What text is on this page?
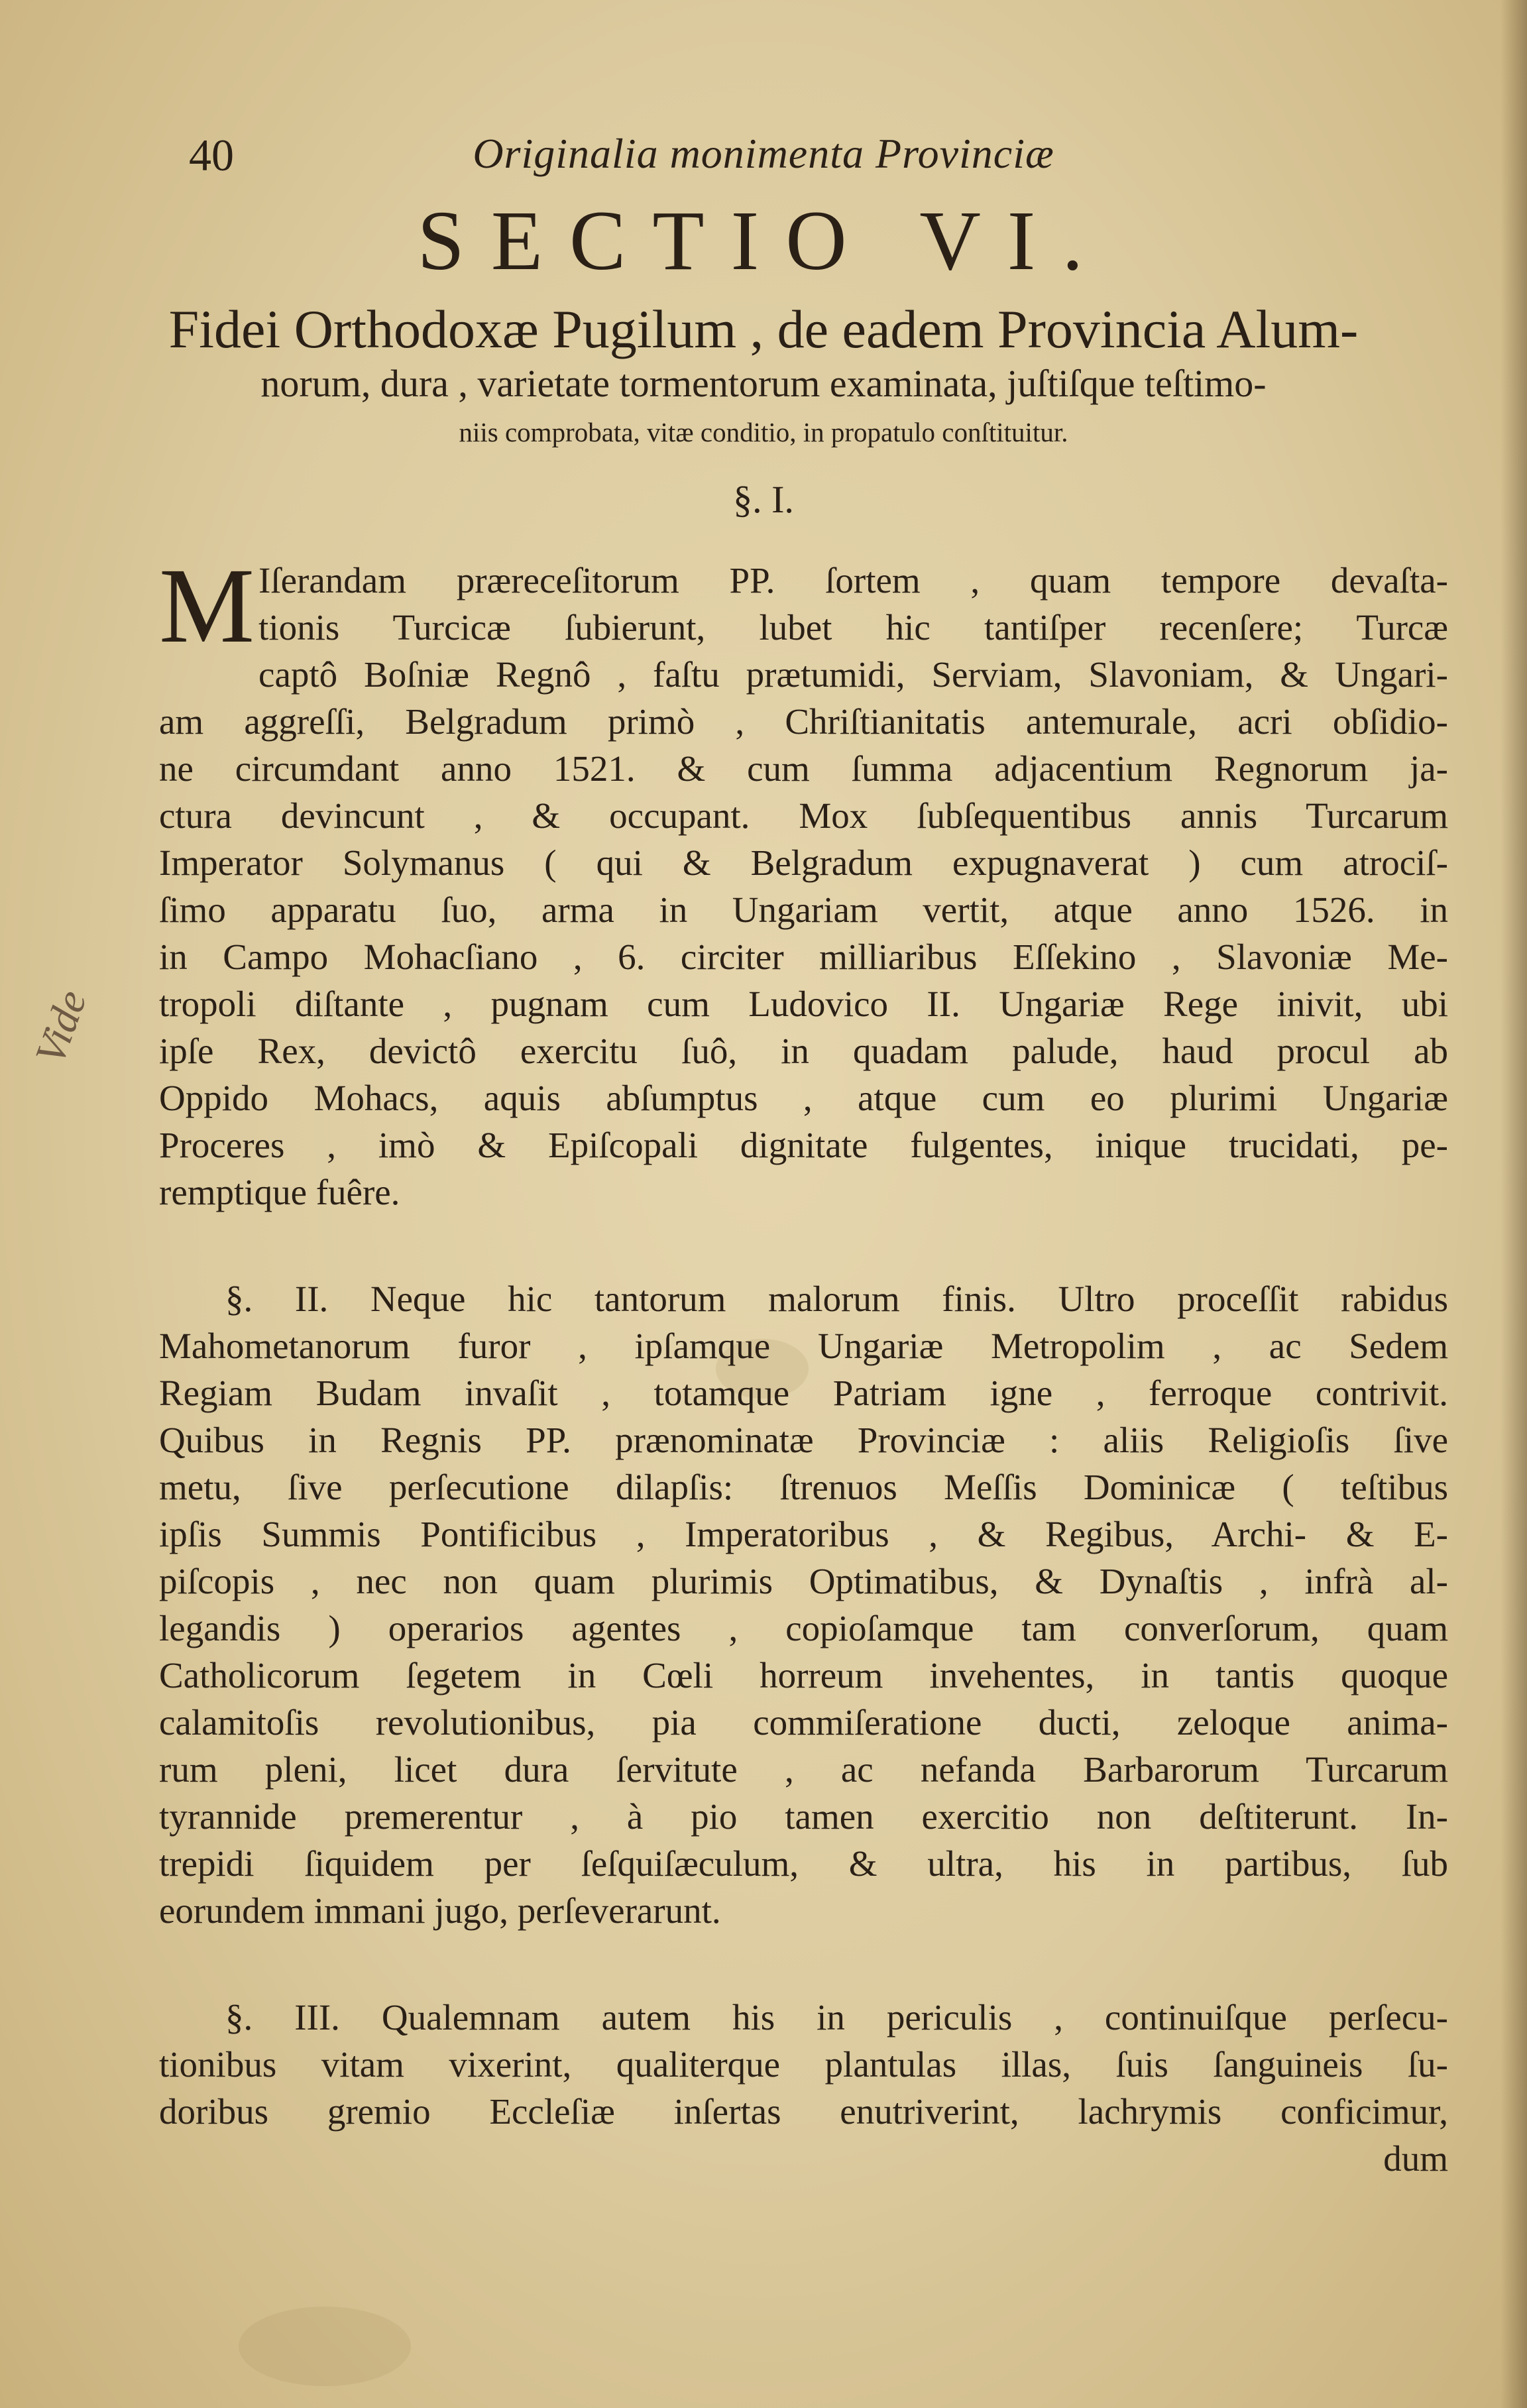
40	Originalia monimenta Provinciæ
SECTIO VI.
Fidei Orthodoxæ Pugilum , de eadem Provincia Alum-
norum, dura , varietate tormentorum examinata, juſtiſque teſtimo-
niis comprobata, vitæ conditio, in propatulo conſtituitur.
§. I.
Vide
M Iſerandam præreceſitorum PP. ſortem , quam tempore devaſta-
tionis Turcicæ ſubierunt, lubet hic tantiſper recenſere; Turcæ
captô Boſniæ Regnô , faſtu prætumidi, Serviam, Slavoniam, & Ungari-
am aggreſſi, Belgradum primò , Chriſtianitatis antemurale, acri obſidio-
ne circumdant anno 1521. & cum ſumma adjacentium Regnorum ja-
ctura devincunt , & occupant. Mox ſubſequentibus annis Turcarum
Imperator Solymanus ( qui & Belgradum expugnaverat ) cum atrociſ-
ſimo apparatu ſuo, arma in Ungariam vertit, atque anno 1526. in
in Campo Mohacſiano , 6. circiter milliaribus Eſſekino , Slavoniæ Me-
tropoli diſtante , pugnam cum Ludovico II. Ungariæ Rege inivit, ubi
ipſe Rex, devictô exercitu ſuô, in quadam palude, haud procul ab
Oppido Mohacs, aquis abſumptus , atque cum eo plurimi Ungariæ
Proceres , imò & Epiſcopali dignitate fulgentes, inique trucidati, pe-
remptique fuêre.
§. II. Neque hic tantorum malorum finis. Ultro proceſſit rabidus
Mahometanorum furor , ipſamque Ungariæ Metropolim , ac Sedem
Regiam Budam invaſit , totamque Patriam igne , ferroque contrivit.
Quibus in Regnis PP. prænominatæ Provinciæ : aliis Religioſis ſive
metu, ſive perſecutione dilapſis: ſtrenuos Meſſis Dominicæ ( teſtibus
ipſis Summis Pontificibus , Imperatoribus , & Regibus, Archi- & E-
piſcopis , nec non quam plurimis Optimatibus, & Dynaſtis , infrà al-
legandis ) operarios agentes , copioſamque tam converſorum, quam
Catholicorum ſegetem in Cœli horreum invehentes, in tantis quoque
calamitoſis revolutionibus, pia commiſeratione ducti, zeloque anima-
rum pleni, licet dura ſervitute , ac nefanda Barbarorum Turcarum
tyrannide premerentur , à pio tamen exercitio non deſtiterunt. In-
trepidi ſiquidem per ſeſquiſæculum, & ultra, his in partibus, ſub
eorundem immani jugo, perſeverarunt.
§. III. Qualemnam autem his in periculis , continuiſque perſecu-
tionibus vitam vixerint, qualiterque plantulas illas, ſuis ſanguineis ſu-
doribus gremio Eccleſiæ inſertas enutriverint, lachrymis conficimur,
dum
